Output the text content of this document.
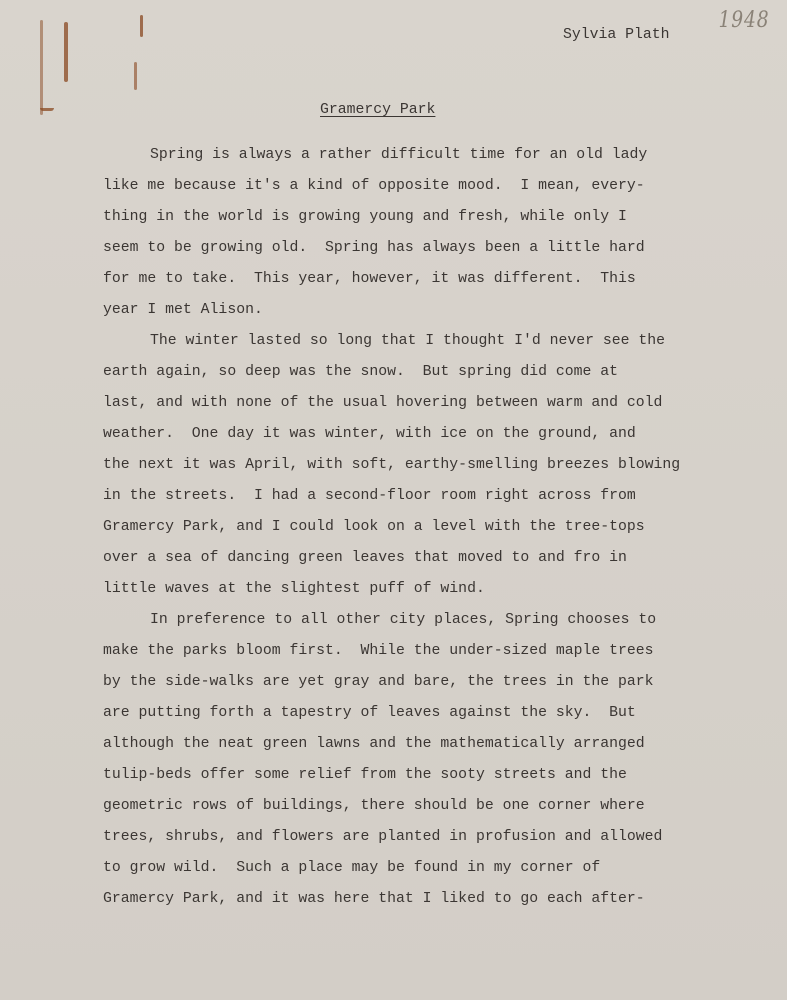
1948
Sylvia Plath
Gramercy Park
Spring is always a rather difficult time for an old lady
like me because it's a kind of opposite mood.  I mean, every-
thing in the world is growing young and fresh, while only I
seem to be growing old.  Spring has always been a little hard
for me to take.  This year, however, it was different.  This
year I met Alison.
The winter lasted so long that I thought I'd never see the
earth again, so deep was the snow.  But spring did come at
last, and with none of the usual hovering between warm and cold
weather.  One day it was winter, with ice on the ground, and
the next it was April, with soft, earthy-smelling breezes blowing
in the streets.  I had a second-floor room right across from
Gramercy Park, and I could look on a level with the tree-tops
over a sea of dancing green leaves that moved to and fro in
little waves at the slightest puff of wind.
In preference to all other city places, Spring chooses to
make the parks bloom first.  While the under-sized maple trees
by the side-walks are yet gray and bare, the trees in the park
are putting forth a tapestry of leaves against the sky.  But
although the neat green lawns and the mathematically arranged
tulip-beds offer some relief from the sooty streets and the
geometric rows of buildings, there should be one corner where
trees, shrubs, and flowers are planted in profusion and allowed
to grow wild.  Such a place may be found in my corner of
Gramercy Park, and it was here that I liked to go each after-
